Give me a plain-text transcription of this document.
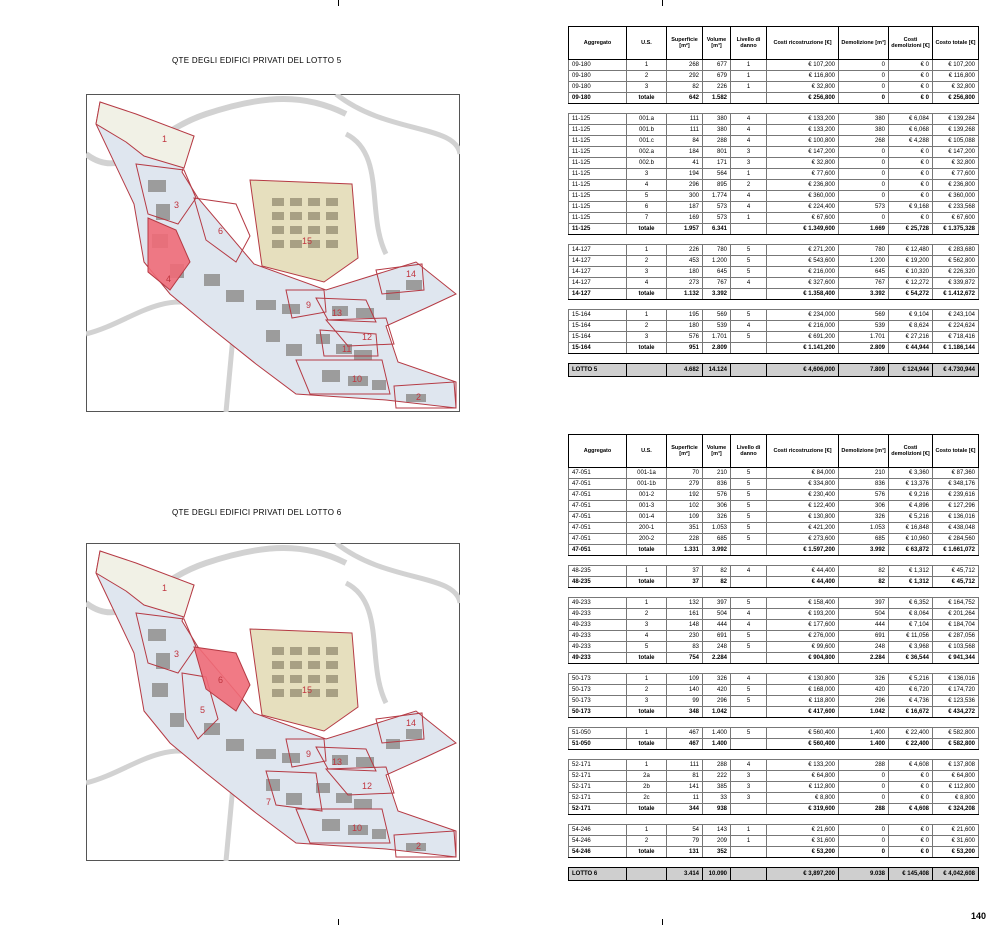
QTE DEGLI EDIFICI PRIVATI DEL LOTTO 5
1
2
3
4
6
9
10
11
12
13
14
15
Aggregato	U.S.	Superficie [m²]	Volume [m³]	Livello di danno	Costi ricostruzione [€]	Demolizione [m³]	Costi demolizioni [€]	Costo totale [€]
09-180	1	268	677	1	€ 107,200	0	€ 0	€ 107,200
09-180	2	292	679	1	€ 116,800	0	€ 0	€ 116,800
09-180	3	82	226	1	€ 32,800	0	€ 0	€ 32,800
09-180	totale	642	1.582		€ 256,800	0	€ 0	€ 256,800

11-125	001.a	111	380	4	€ 133,200	380	€ 6,084	€ 139,284
11-125	001.b	111	380	4	€ 133,200	380	€ 6,068	€ 139,268
11-125	001.c	84	288	4	€ 100,800	268	€ 4,288	€ 105,088
11-125	002.a	184	801	3	€ 147,200	0	€ 0	€ 147,200
11-125	002.b	41	171	3	€ 32,800	0	€ 0	€ 32,800
11-125	3	194	564	1	€ 77,600	0	€ 0	€ 77,600
11-125	4	296	895	2	€ 236,800	0	€ 0	€ 236,800
11-125	5	300	1.774	4	€ 360,000	0	€ 0	€ 360,000
11-125	6	187	573	4	€ 224,400	573	€ 9,168	€ 233,568
11-125	7	169	573	1	€ 67,600	0	€ 0	€ 67,600
11-125	totale	1.957	6.341		€ 1.349,600	1.669	€ 25,728	€ 1.375,328

14-127	1	226	780	5	€ 271,200	780	€ 12,480	€ 283,680
14-127	2	453	1.200	5	€ 543,600	1.200	€ 19,200	€ 562,800
14-127	3	180	645	5	€ 216,000	645	€ 10,320	€ 226,320
14-127	4	273	767	4	€ 327,600	767	€ 12,272	€ 339,872
14-127	totale	1.132	3.392		€ 1.358,400	3.392	€ 54,272	€ 1.412,672

15-164	1	195	569	5	€ 234,000	569	€ 9,104	€ 243,104
15-164	2	180	539	4	€ 216,000	539	€ 8,624	€ 224,624
15-164	3	576	1.701	5	€ 691,200	1.701	€ 27,216	€ 718,416
15-164	totale	951	2.809		€ 1.141,200	2.809	€ 44,944	€ 1.186,144

LOTTO 5		4.682	14.124		€ 4,606,000	7.809	€ 124,944	€ 4.730,944
QTE DEGLI EDIFICI PRIVATI DEL LOTTO 6
1
2
3
5
6
7
9
10
12
13
14
15
Aggregato	U.S.	Superficie [m²]	Volume [m³]	Livello di danno	Costi ricostruzione [€]	Demolizione [m³]	Costi demolizioni [€]	Costo totale [€]
47-051	001-1a	70	210	5	€ 84,000	210	€ 3,360	€ 87,360
47-051	001-1b	279	836	5	€ 334,800	836	€ 13,376	€ 348,176
47-051	001-2	192	576	5	€ 230,400	576	€ 9,216	€ 239,616
47-051	001-3	102	306	5	€ 122,400	306	€ 4,896	€ 127,296
47-051	001-4	109	326	5	€ 130,800	326	€ 5,216	€ 136,016
47-051	200-1	351	1.053	5	€ 421,200	1.053	€ 16,848	€ 438,048
47-051	200-2	228	685	5	€ 273,600	685	€ 10,960	€ 284,560
47-051	totale	1.331	3.992		€ 1.597,200	3.992	€ 63,872	€ 1.661,072

48-235	1	37	82	4	€ 44,400	82	€ 1,312	€ 45,712
48-235	totale	37	82		€ 44,400	82	€ 1,312	€ 45,712

49-233	1	132	397	5	€ 158,400	397	€ 6,352	€ 164,752
49-233	2	161	504	4	€ 193,200	504	€ 8,064	€ 201,264
49-233	3	148	444	4	€ 177,600	444	€ 7,104	€ 184,704
49-233	4	230	691	5	€ 276,000	691	€ 11,056	€ 287,056
49-233	5	83	248	5	€ 99,600	248	€ 3,968	€ 103,568
49-233	totale	754	2.284		€ 904,800	2.284	€ 36,544	€ 941,344

50-173	1	109	326	4	€ 130,800	326	€ 5,216	€ 136,016
50-173	2	140	420	5	€ 168,000	420	€ 6,720	€ 174,720
50-173	3	99	296	5	€ 118,800	296	€ 4,736	€ 123,536
50-173	totale	348	1.042		€ 417,600	1.042	€ 16,672	€ 434,272

51-050	1	467	1.400	5	€ 560,400	1,400	€ 22,400	€ 582,800
51-050	totale	467	1.400		€ 560,400	1.400	€ 22,400	€ 582,800

52-171	1	111	288	4	€ 133,200	288	€ 4,608	€ 137,808
52-171	2a	81	222	3	€ 64,800	0	€ 0	€ 64,800
52-171	2b	141	385	3	€ 112,800	0	€ 0	€ 112,800
52-171	2c	11	33	3	€ 8,800	0	€ 0	€ 8,800
52-171	totale	344	938		€ 319,600	288	€ 4,608	€ 324,208

54-246	1	54	143	1	€ 21,600	0	€ 0	€ 21,600
54-246	2	79	209	1	€ 31,600	0	€ 0	€ 31,600
54-246	totale	131	352		€ 53,200	0	€ 0	€ 53,200

LOTTO 6		3.414	10.090		€ 3,897,200	9.038	€ 145,408	€ 4,042,608
140
